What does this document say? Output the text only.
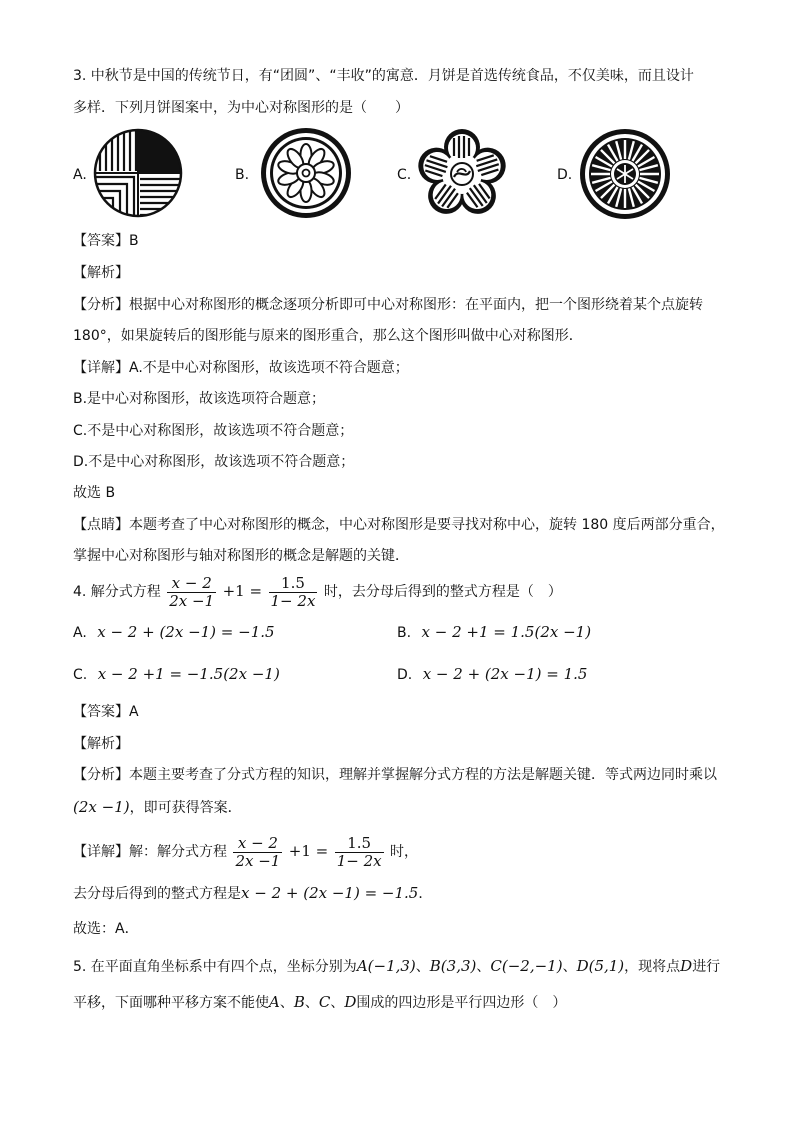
3. 中秋节是中国的传统节日，有“团圆”、“丰收”的寓意．月饼是首选传统食品，不仅美味，而且设计
多样．下列月饼图案中，为中心对称图形的是（　　）
A.	B.	C.	D.
【答案】B
【解析】
【分析】根据中心对称图形的概念逐项分析即可中心对称图形：在平面内，把一个图形绕着某个点旋转
180°，如果旋转后的图形能与原来的图形重合，那么这个图形叫做中心对称图形．
【详解】A.不是中心对称图形，故该选项不符合题意；
B.是中心对称图形，故该选项符合题意；
C.不是中心对称图形，故该选项不符合题意；
D.不是中心对称图形，故该选项不符合题意；
故选 B
【点睛】本题考查了中心对称图形的概念，中心对称图形是要寻找对称中心，旋转 180 度后两部分重合，
掌握中心对称图形与轴对称图形的概念是解题的关键．
4. 解分式方程 $\frac{x - 2}{2x -1} +1 = \frac{1.5}{1- 2x}$ 时，去分母后得到的整式方程是（　）
A. x − 2 + (2x −1) = −1.5	B. x − 2 +1 = 1.5(2x −1)
C. x − 2 +1 = −1.5(2x −1)	D. x − 2 + (2x −1) = 1.5
【答案】A
【解析】
【分析】本题主要考查了分式方程的知识，理解并掌握解分式方程的方法是解题关键．等式两边同时乘以
(2x −1)，即可获得答案．
【详解】解：解分式方程 $\frac{x - 2}{2x -1} +1 = \frac{1.5}{1- 2x}$ 时，
去分母后得到的整式方程是x − 2 + (2x −1) = −1.5．
故选：A．
5. 在平面直角坐标系中有四个点，坐标分别为A(−1,3)、B(3,3)、C(−2,−1)、D(5,1)，现将点D进行
平移，下面哪种平移方案不能使A、B、C、D围成的四边形是平行四边形（　）
